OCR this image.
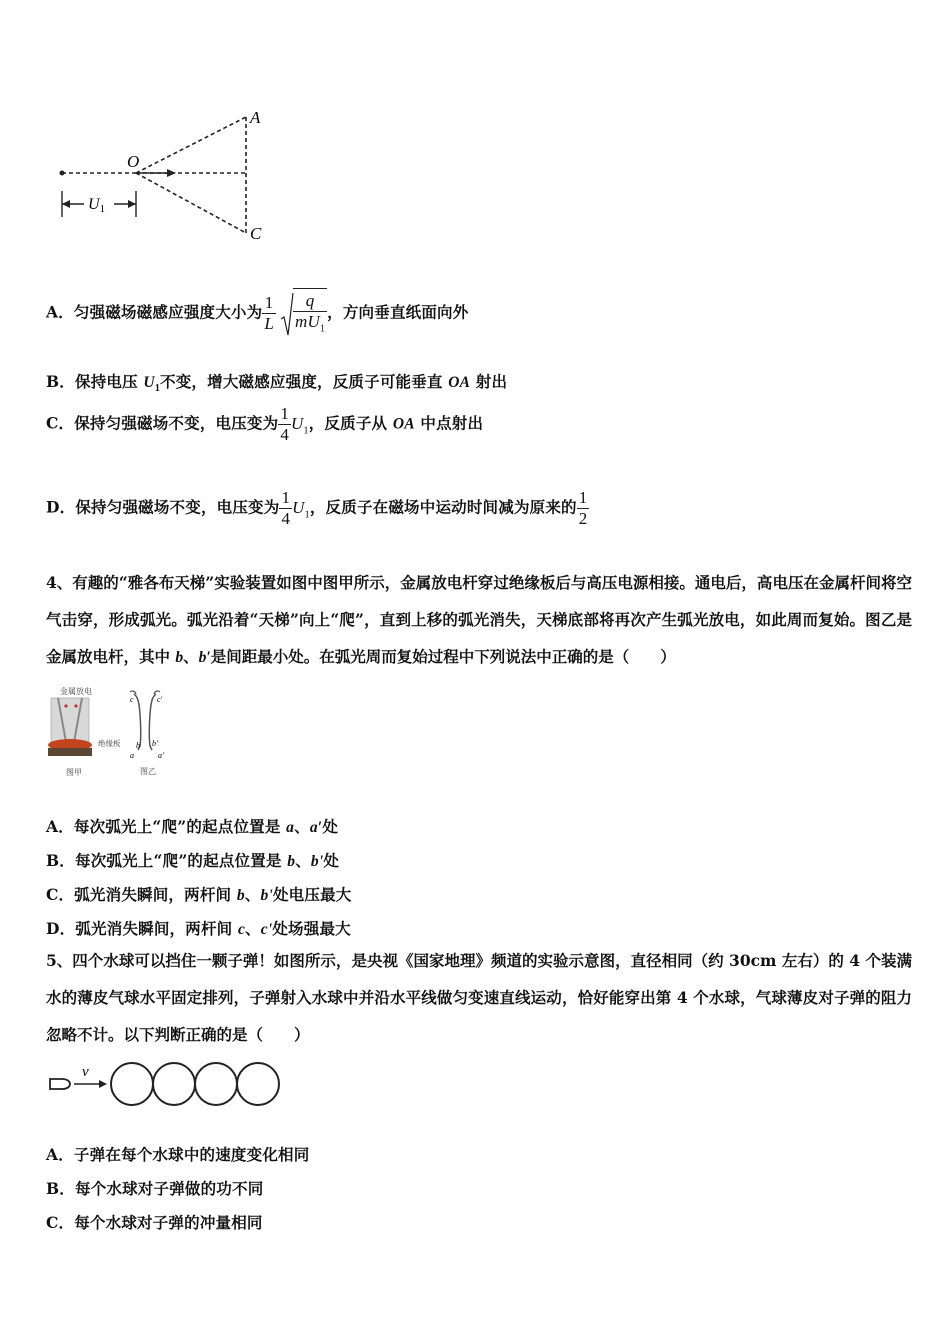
A
O
C
U1
A．匀强磁场磁感应强度大小为 $\frac{1}{L} \frac{q}{mU_1}$ ，方向垂直纸面向外
B．保持电压 $U_1$不变，增大磁感应强度，反质子可能垂直 OA 射出
C．保持匀强磁场不变，电压变为 $\frac{1}{4} U_1$，反质子从 OA 中点射出
D．保持匀强磁场不变，电压变为 $\frac{1}{4} U_1$，反质子在磁场中运动时间减为原来的 $\frac{1}{2}$
4、有趣的“雅各布天梯”实验装置如图中图甲所示，金属放电杆穿过绝缘板后与高压电源相接。通电后，高电压在金属杆间将空气击穿，形成弧光。弧光沿着“天梯”向上“爬”，直到上移的弧光消失，天梯底部将再次产生弧光放电，如此周而复始。图乙是金属放电杆，其中 b、b′是间距最小处。在弧光周而复始过程中下列说法中正确的是（　　）
金属放电
绝缘板
图甲
c	c′
b b′
a	a′
图乙
A．每次弧光上“爬”的起点位置是 a、a′处
B．每次弧光上“爬”的起点位置是 b、b'处
C．弧光消失瞬间，两杆间 b、b'处电压最大
D．弧光消失瞬间，两杆间 c、c'处场强最大
5、四个水球可以挡住一颗子弹！如图所示，是央视《国家地理》频道的实验示意图，直径相同（约 30cm 左右）的 4 个装满水的薄皮气球水平固定排列，子弹射入水球中并沿水平线做匀变速直线运动，恰好能穿出第 4 个水球，气球薄皮对子弹的阻力忽略不计。以下判断正确的是（　　）
v
A．子弹在每个水球中的速度变化相同
B．每个水球对子弹做的功不同
C．每个水球对子弹的冲量相同
